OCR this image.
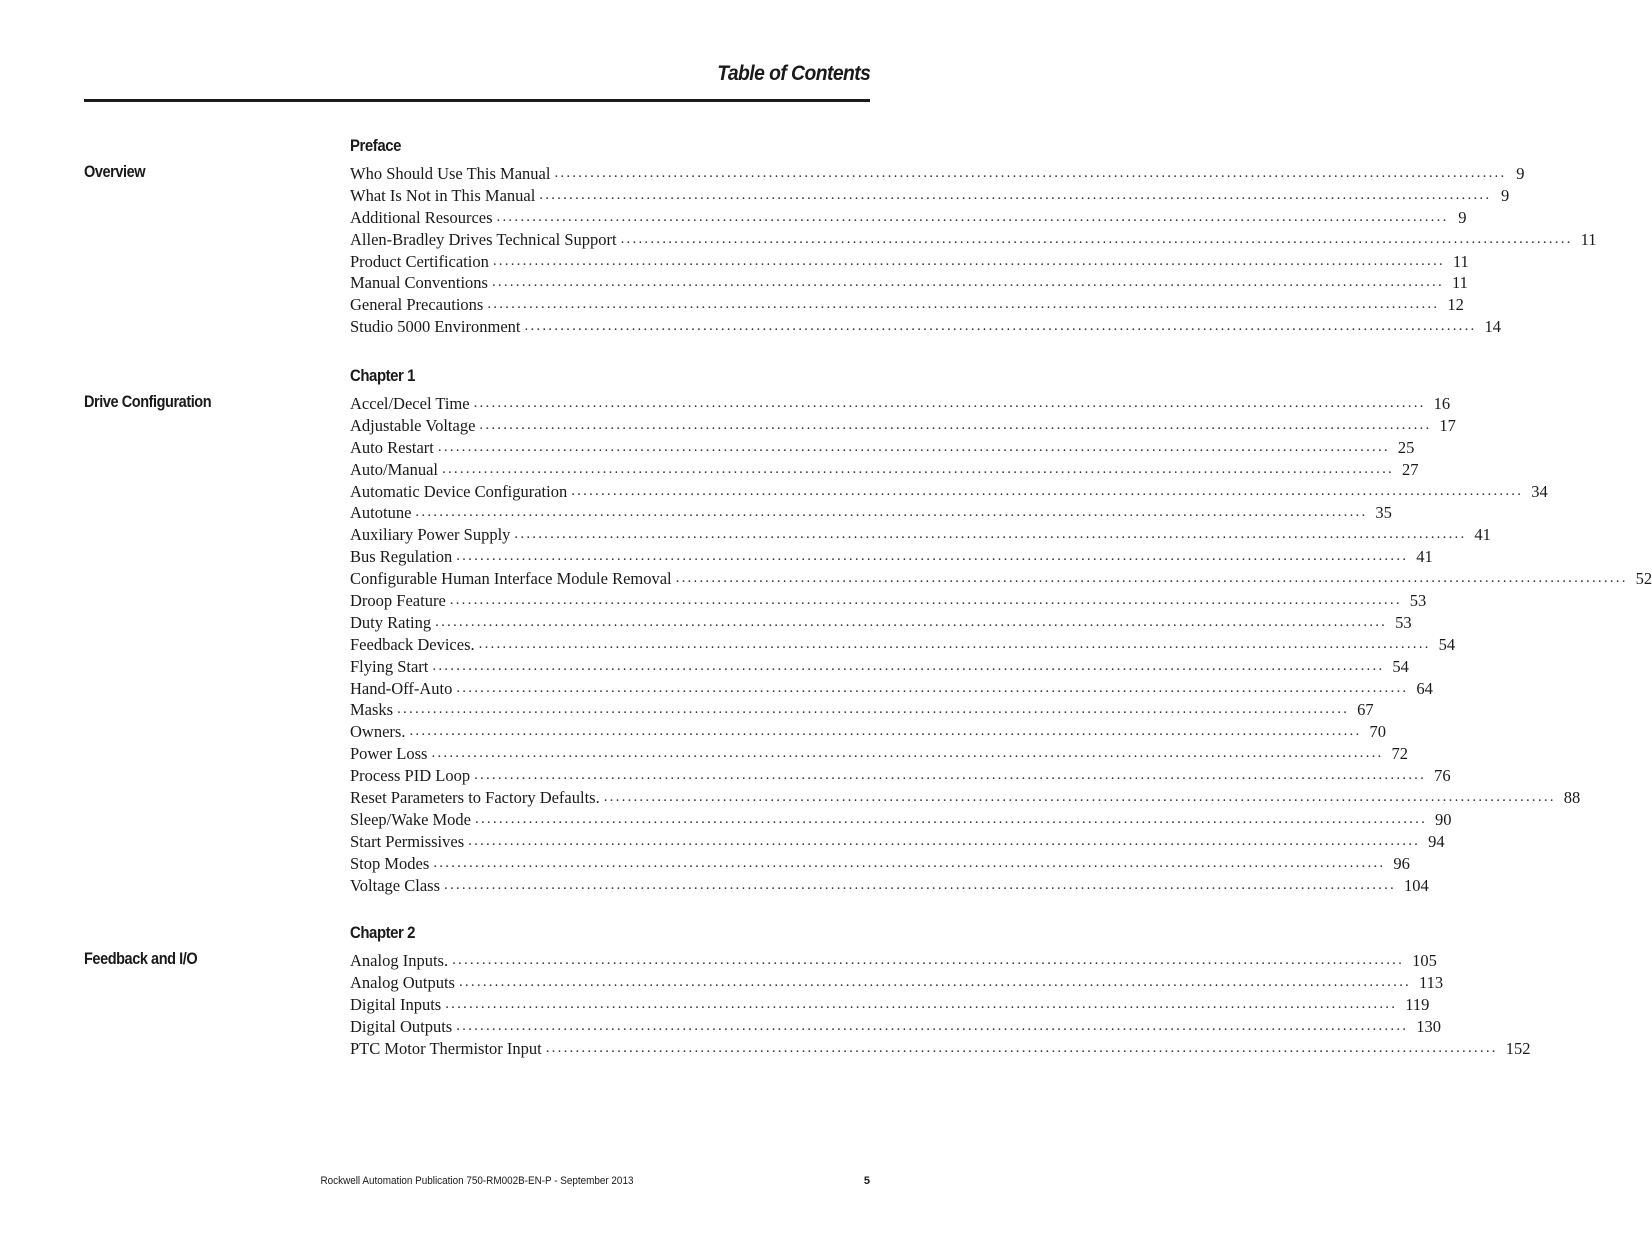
Table of Contents
Preface
Overview	Who Should Use This Manual ................................................................................................................................................................ 9
What Is Not in This Manual ................................................................................................................................................................ 9
Additional Resources ................................................................................................................................................................ 9
Allen-Bradley Drives Technical Support ................................................................................................................................................................ 11
Product Certification ................................................................................................................................................................ 11
Manual Conventions ................................................................................................................................................................ 11
General Precautions ................................................................................................................................................................ 12
Studio 5000 Environment ................................................................................................................................................................ 14
Chapter 1
Drive Configuration	Accel/Decel Time ................................................................................................................................................................ 16
Adjustable Voltage ................................................................................................................................................................ 17
Auto Restart ................................................................................................................................................................ 25
Auto/Manual ................................................................................................................................................................ 27
Automatic Device Configuration ................................................................................................................................................................ 34
Autotune ................................................................................................................................................................ 35
Auxiliary Power Supply ................................................................................................................................................................ 41
Bus Regulation ................................................................................................................................................................ 41
Configurable Human Interface Module Removal ................................................................................................................................................................ 52
Droop Feature ................................................................................................................................................................ 53
Duty Rating ................................................................................................................................................................ 53
Feedback Devices. ................................................................................................................................................................ 54
Flying Start ................................................................................................................................................................ 54
Hand-Off-Auto ................................................................................................................................................................ 64
Masks ................................................................................................................................................................ 67
Owners. ................................................................................................................................................................ 70
Power Loss ................................................................................................................................................................ 72
Process PID Loop ................................................................................................................................................................ 76
Reset Parameters to Factory Defaults. ................................................................................................................................................................ 88
Sleep/Wake Mode ................................................................................................................................................................ 90
Start Permissives ................................................................................................................................................................ 94
Stop Modes ................................................................................................................................................................ 96
Voltage Class ................................................................................................................................................................ 104
Chapter 2
Feedback and I/O	Analog Inputs. ................................................................................................................................................................ 105
Analog Outputs ................................................................................................................................................................ 113
Digital Inputs ................................................................................................................................................................ 119
Digital Outputs ................................................................................................................................................................ 130
PTC Motor Thermistor Input ................................................................................................................................................................ 152
Rockwell Automation Publication 750-RM002B-EN-P - September 2013	5
